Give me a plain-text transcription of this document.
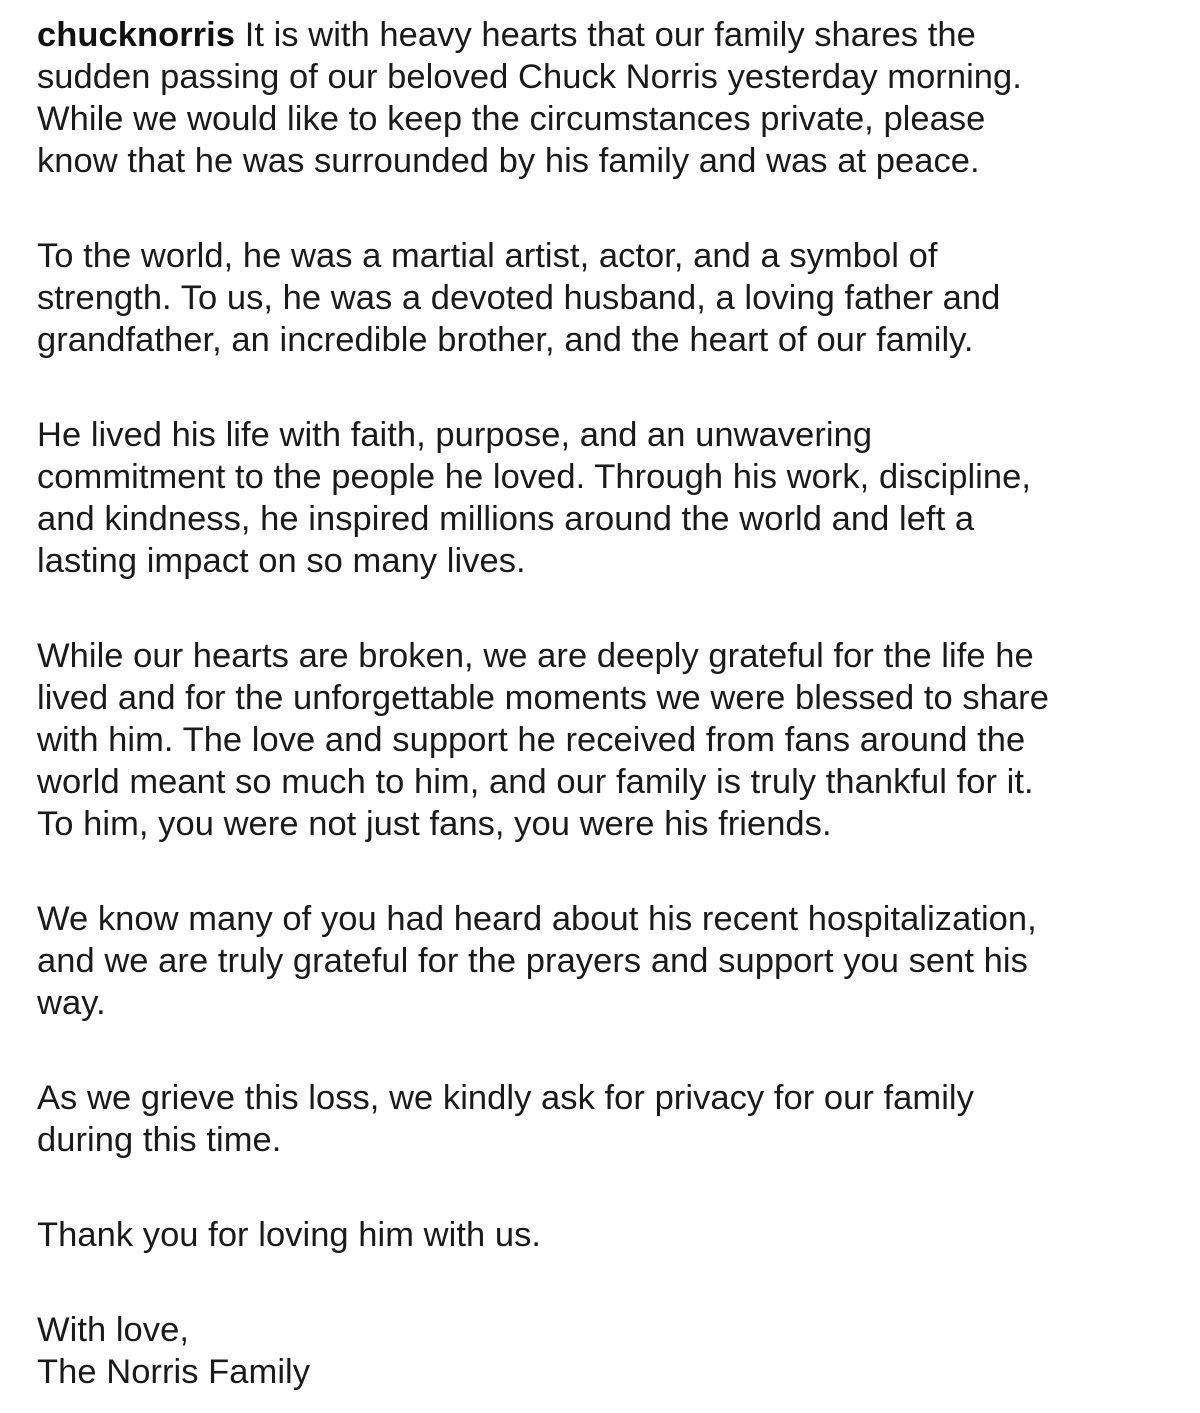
chucknorris It is with heavy hearts that our family shares the
sudden passing of our beloved Chuck Norris yesterday morning.
While we would like to keep the circumstances private, please
know that he was surrounded by his family and was at peace.

To the world, he was a martial artist, actor, and a symbol of
strength. To us, he was a devoted husband, a loving father and
grandfather, an incredible brother, and the heart of our family.

He lived his life with faith, purpose, and an unwavering
commitment to the people he loved. Through his work, discipline,
and kindness, he inspired millions around the world and left a
lasting impact on so many lives.

While our hearts are broken, we are deeply grateful for the life he
lived and for the unforgettable moments we were blessed to share
with him. The love and support he received from fans around the
world meant so much to him, and our family is truly thankful for it.
To him, you were not just fans, you were his friends.

We know many of you had heard about his recent hospitalization,
and we are truly grateful for the prayers and support you sent his
way.

As we grieve this loss, we kindly ask for privacy for our family
during this time.

Thank you for loving him with us.

With love,
The Norris Family
